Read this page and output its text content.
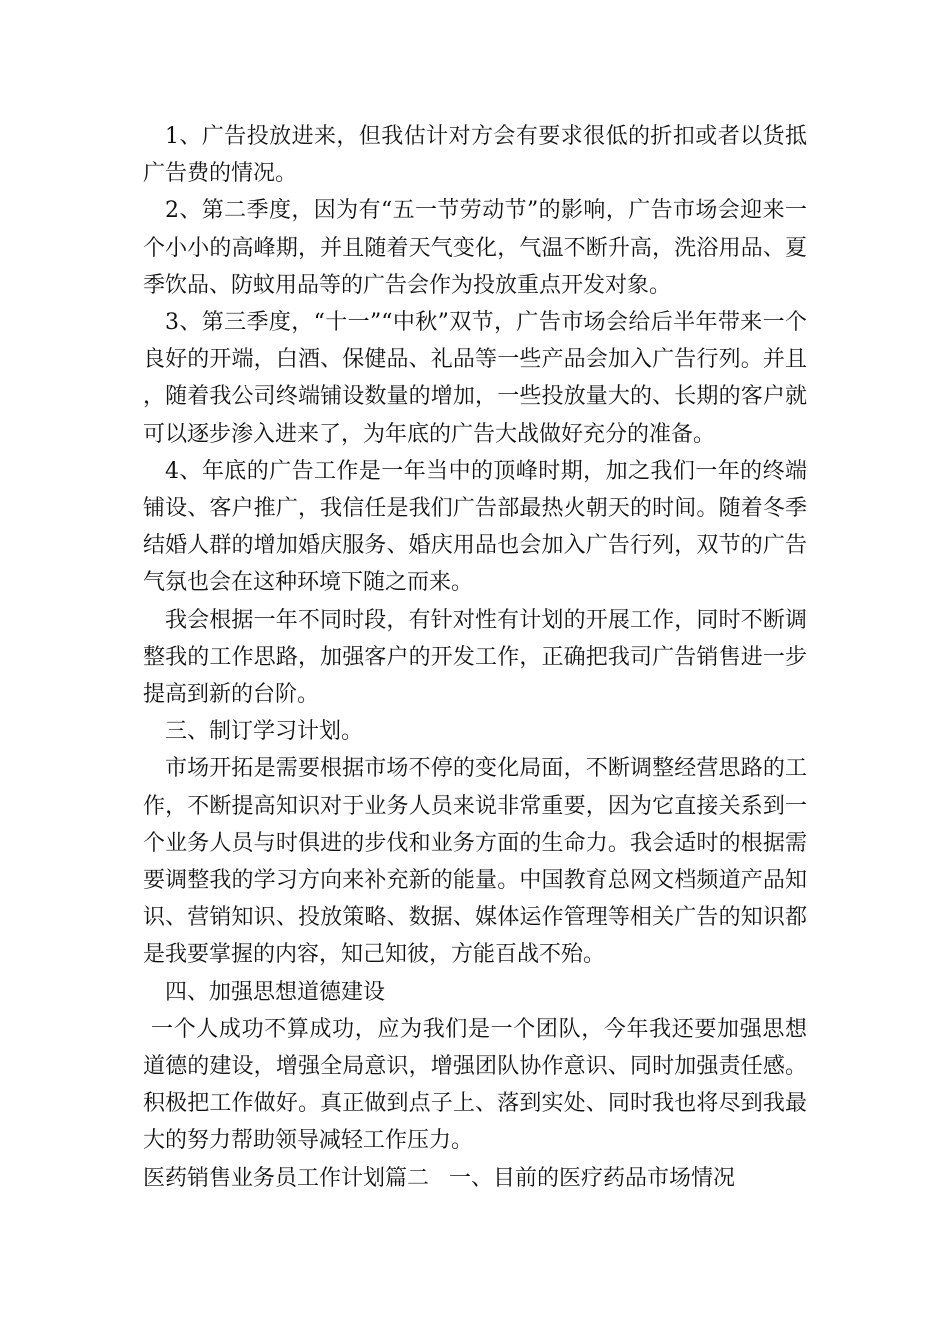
1、广告投放进来，但我估计对方会有要求很低的折扣或者以货抵广告费的情况。

2、第二季度，因为有“五一节劳动节”的影响，广告市场会迎来一个小小的高峰期，并且随着天气变化，气温不断升高，洗浴用品、夏季饮品、防蚊用品等的广告会作为投放重点开发对象。

3、第三季度，“十一”“中秋”双节，广告市场会给后半年带来一个良好的开端，白酒、保健品、礼品等一些产品会加入广告行列。并且，随着我公司终端铺设数量的增加，一些投放量大的、长期的客户就可以逐步渗入进来了，为年底的广告大战做好充分的准备。

4、年底的广告工作是一年当中的顶峰时期，加之我们一年的终端铺设、客户推广，我信任是我们广告部最热火朝天的时间。随着冬季结婚人群的增加婚庆服务、婚庆用品也会加入广告行列，双节的广告气氛也会在这种环境下随之而来。

我会根据一年不同时段，有针对性有计划的开展工作，同时不断调整我的工作思路，加强客户的开发工作，正确把我司广告销售进一步提高到新的台阶。

三、制订学习计划。

市场开拓是需要根据市场不停的变化局面，不断调整经营思路的工作，不断提高知识对于业务人员来说非常重要，因为它直接关系到一个业务人员与时俱进的步伐和业务方面的生命力。我会适时的根据需要调整我的学习方向来补充新的能量。中国教育总网文档频道产品知识、营销知识、投放策略、数据、媒体运作管理等相关广告的知识都是我要掌握的内容，知己知彼，方能百战不殆。

四、加强思想道德建设

一个人成功不算成功，应为我们是一个团队，今年我还要加强思想道德的建设，增强全局意识，增强团队协作意识、同时加强责任感。积极把工作做好。真正做到点子上、落到实处、同时我也将尽到我最大的努力帮助领导减轻工作压力。

医药销售业务员工作计划篇二 一、目前的医疗药品市场情况
